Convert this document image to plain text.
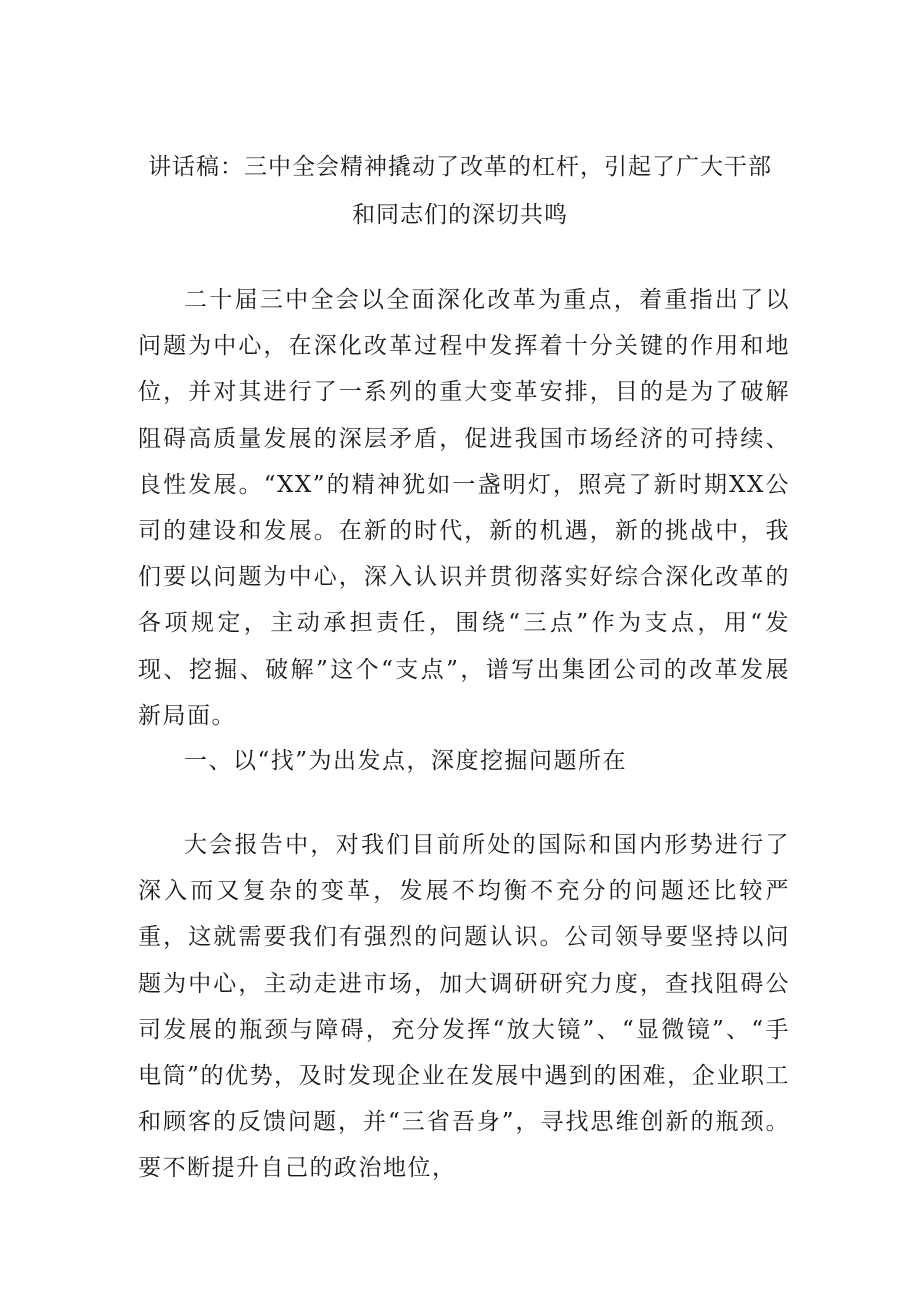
讲话稿：三中全会精神撬动了改革的杠杆，引起了广大干部
和同志们的深切共鸣

二十届三中全会以全面深化改革为重点，着重指出了以问题为中心，在深化改革过程中发挥着十分关键的作用和地位，并对其进行了一系列的重大变革安排，目的是为了破解阻碍高质量发展的深层矛盾，促进我国市场经济的可持续、良性发展。“XX”的精神犹如一盏明灯，照亮了新时期XX公司的建设和发展。在新的时代，新的机遇，新的挑战中，我们要以问题为中心，深入认识并贯彻落实好综合深化改革的各项规定，主动承担责任，围绕“三点”作为支点，用“发现、挖掘、破解”这个“支点”，谱写出集团公司的改革发展新局面。

一、以“找”为出发点，深度挖掘问题所在

大会报告中，对我们目前所处的国际和国内形势进行了深入而又复杂的变革，发展不均衡不充分的问题还比较严重，这就需要我们有强烈的问题认识。公司领导要坚持以问题为中心，主动走进市场，加大调研研究力度，查找阻碍公司发展的瓶颈与障碍，充分发挥“放大镜”、“显微镜”、“手电筒”的优势，及时发现企业在发展中遇到的困难，企业职工和顾客的反馈问题，并“三省吾身”，寻找思维创新的瓶颈。要不断提升自己的政治地位，
